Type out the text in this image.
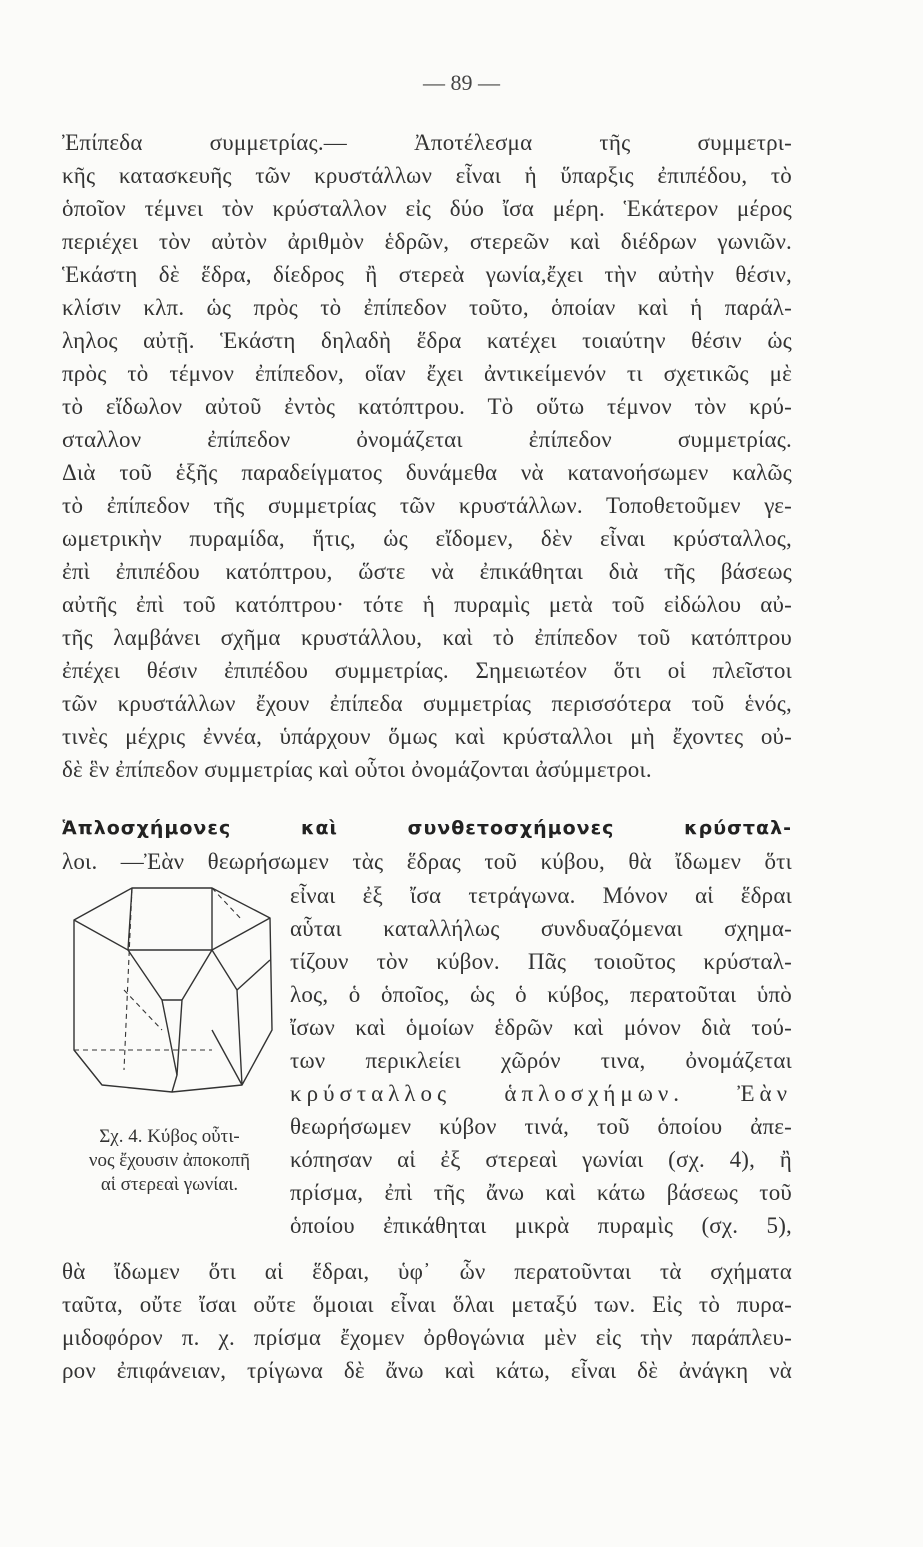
— 89 —
Ἐπίπεδα συμμετρίας.— Ἀποτέλεσμα τῆς συμμετρι-
κῆς κατασκευῆς τῶν κρυστάλλων εἶναι ἡ ὕπαρξις ἐπιπέδου, τὸ
ὁποῖον τέμνει τὸν κρύσταλλον εἰς δύο ἴσα μέρη. Ἑκάτερον μέρος
περιέχει τὸν αὐτὸν ἀριθμὸν ἑδρῶν, στερεῶν καὶ διέδρων γωνιῶν.
Ἑκάστη δὲ ἕδρα, δίεδρος ἢ στερεὰ γωνία,ἔχει τὴν αὐτὴν θέσιν,
κλίσιν κλπ. ὡς πρὸς τὸ ἐπίπεδον τοῦτο, ὁποίαν καὶ ἡ παράλ-
ληλος αὐτῇ. Ἑκάστη δηλαδὴ ἕδρα κατέχει τοιαύτην θέσιν ὡς
πρὸς τὸ τέμνον ἐπίπεδον, οἵαν ἔχει ἀντικείμενόν τι σχετικῶς μὲ
τὸ εἴδωλον αὐτοῦ ἐντὸς κατόπτρου. Τὸ οὕτω τέμνον τὸν κρύ-
σταλλον ἐπίπεδον ὀνομάζεται ἐπίπεδον συμμετρίας.
Διὰ τοῦ ἑξῆς παραδείγματος δυνάμεθα νὰ κατανοήσωμεν καλῶς
τὸ ἐπίπεδον τῆς συμμετρίας τῶν κρυστάλλων. Τοποθετοῦμεν γε-
ωμετρικὴν πυραμίδα, ἥτις, ὡς εἴδομεν, δὲν εἶναι κρύσταλλος,
ἐπὶ ἐπιπέδου κατόπτρου, ὥστε νὰ ἐπικάθηται διὰ τῆς βάσεως
αὐτῆς ἐπὶ τοῦ κατόπτρου· τότε ἡ πυραμὶς μετὰ τοῦ εἰδώλου αὐ-
τῆς λαμβάνει σχῆμα κρυστάλλου, καὶ τὸ ἐπίπεδον τοῦ κατόπτρου
ἐπέχει θέσιν ἐπιπέδου συμμετρίας. Σημειωτέον ὅτι οἱ πλεῖστοι
τῶν κρυστάλλων ἔχουν ἐπίπεδα συμμετρίας περισσότερα τοῦ ἑνός,
τινὲς μέχρις ἐννέα, ὑπάρχουν ὅμως καὶ κρύσταλλοι μὴ ἔχοντες οὐ-
δὲ ἓν ἐπίπεδον συμμετρίας καὶ οὗτοι ὀνομάζονται ἀσύμμετροι.
Ἁπλοσχήμονες καὶ συνθετοσχήμονες κρύσταλ-
λοι. —Ἐὰν θεωρήσωμεν τὰς ἕδρας τοῦ κύβου, θὰ ἴδωμεν ὅτι
Σχ. 4. Κύβος οὗτι-
νος ἔχουσιν ἀποκοπῆ
αἱ στερεαὶ γωνίαι.
εἶναι ἐξ ἴσα τετράγωνα. Μόνον αἱ ἕδραι
αὗται καταλλήλως συνδυαζόμεναι σχημα-
τίζουν τὸν κύβον. Πᾶς τοιοῦτος κρύσταλ-
λος, ὁ ὁποῖος, ὡς ὁ κύβος, περατοῦται ὑπὸ
ἴσων καὶ ὁμοίων ἑδρῶν καὶ μόνον διὰ τού-
των περικλείει χῶρόν τινα, ὀνομάζεται
κρύσταλλος ἁπλοσχήμων. Ἐὰν
θεωρήσωμεν κύβον τινά, τοῦ ὁποίου ἀπε-
κόπησαν αἱ ἐξ στερεαὶ γωνίαι (σχ. 4), ἢ
πρίσμα, ἐπὶ τῆς ἄνω καὶ κάτω βάσεως τοῦ
ὁποίου ἐπικάθηται μικρὰ πυραμὶς (σχ. 5),
θὰ ἴδωμεν ὅτι αἱ ἕδραι, ὑφ᾽ ὧν περατοῦνται τὰ σχήματα
ταῦτα, οὔτε ἴσαι οὔτε ὅμοιαι εἶναι ὅλαι μεταξύ των. Εἰς τὸ πυρα-
μιδοφόρον π. χ. πρίσμα ἔχομεν ὀρθογώνια μὲν εἰς τὴν παράπλευ-
ρον ἐπιφάνειαν, τρίγωνα δὲ ἄνω καὶ κάτω, εἶναι δὲ ἀνάγκη νὰ
